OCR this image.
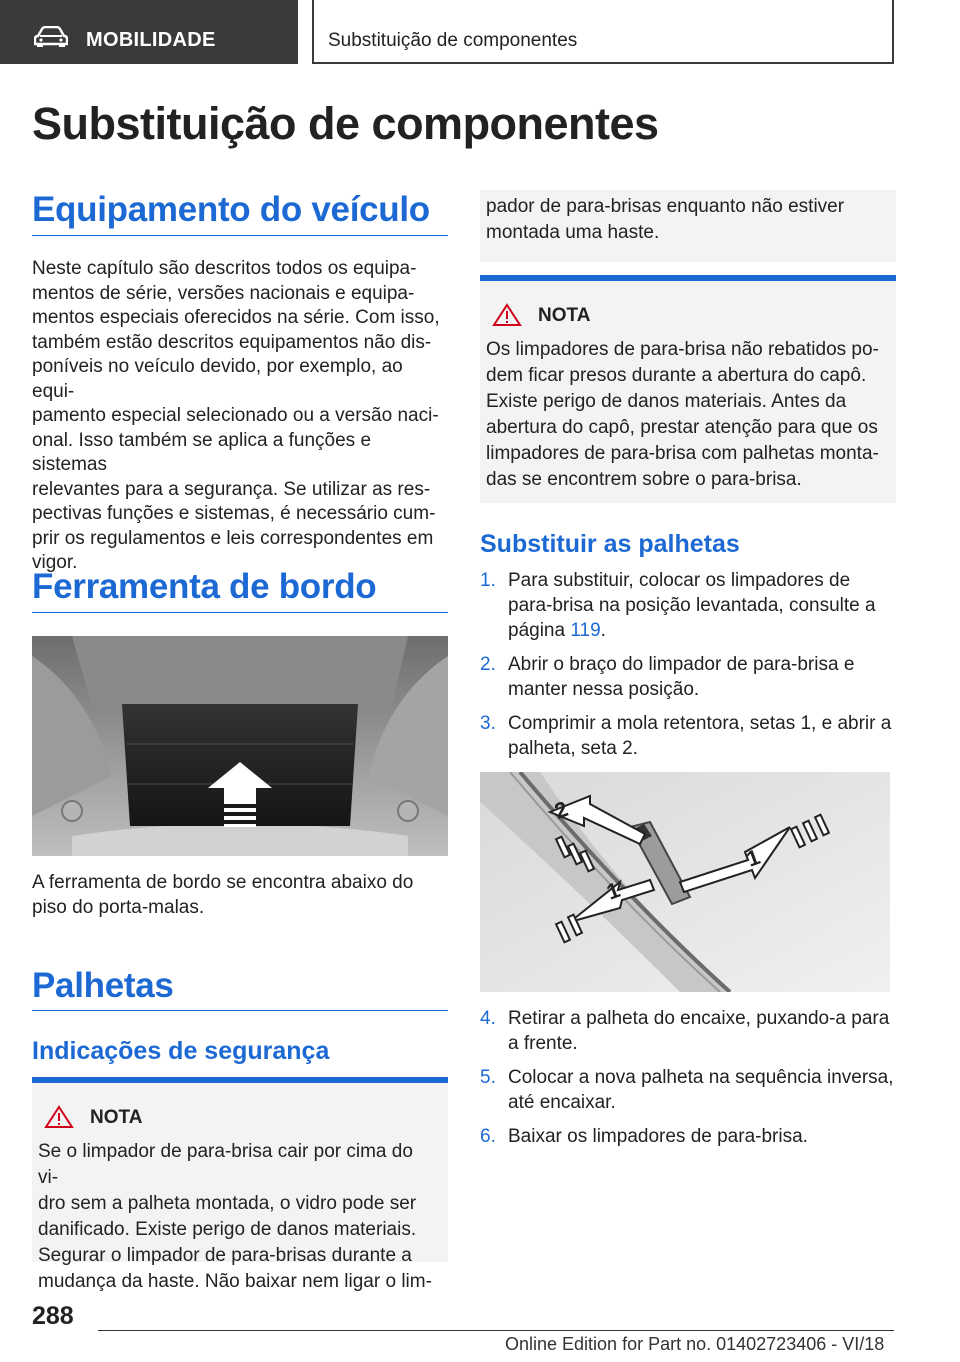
MOBILIDADE	Substituição de componentes
Substituição de componentes
Equipamento do veículo

Neste capítulo são descritos todos os equipa-
mentos de série, versões nacionais e equipa-
mentos especiais oferecidos na série. Com isso,
também estão descritos equipamentos não dis-
poníveis no veículo devido, por exemplo, ao equi-
pamento especial selecionado ou a versão naci-
onal. Isso também se aplica a funções e sistemas
relevantes para a segurança. Se utilizar as res-
pectivas funções e sistemas, é necessário cum-
prir os regulamentos e leis correspondentes em
vigor.

Ferramenta de bordo

A ferramenta de bordo se encontra abaixo do
piso do porta-malas.

Palhetas
Indicações de segurança
NOTA

Se o limpador de para-brisa cair por cima do vi-
dro sem a palheta montada, o vidro pode ser
danificado. Existe perigo de danos materiais.
Segurar o limpador de para-brisas durante a
mudança da haste. Não baixar nem ligar o lim-

pador de para-brisas enquanto não estiver
montada uma haste.

NOTA

Os limpadores de para-brisa não rebatidos po-
dem ficar presos durante a abertura do capô.
Existe perigo de danos materiais. Antes da
abertura do capô, prestar atenção para que os
limpadores de para-brisa com palhetas monta-
das se encontrem sobre o para-brisa.

Substituir as palhetas
1. Para substituir, colocar os limpadores de
para-brisa na posição levantada, consulte a
página 119.
2. Abrir o braço do limpador de para-brisa e
manter nessa posição.
3. Comprimir a mola retentora, setas 1, e abrir a
palheta, seta 2.
2
1
1
4. Retirar a palheta do encaixe, puxando-a para
a frente.
5. Colocar a nova palheta na sequência inversa,
até encaixar.
6. Baixar os limpadores de para-brisa.
288
Online Edition for Part no. 01402723406 - VI/18
